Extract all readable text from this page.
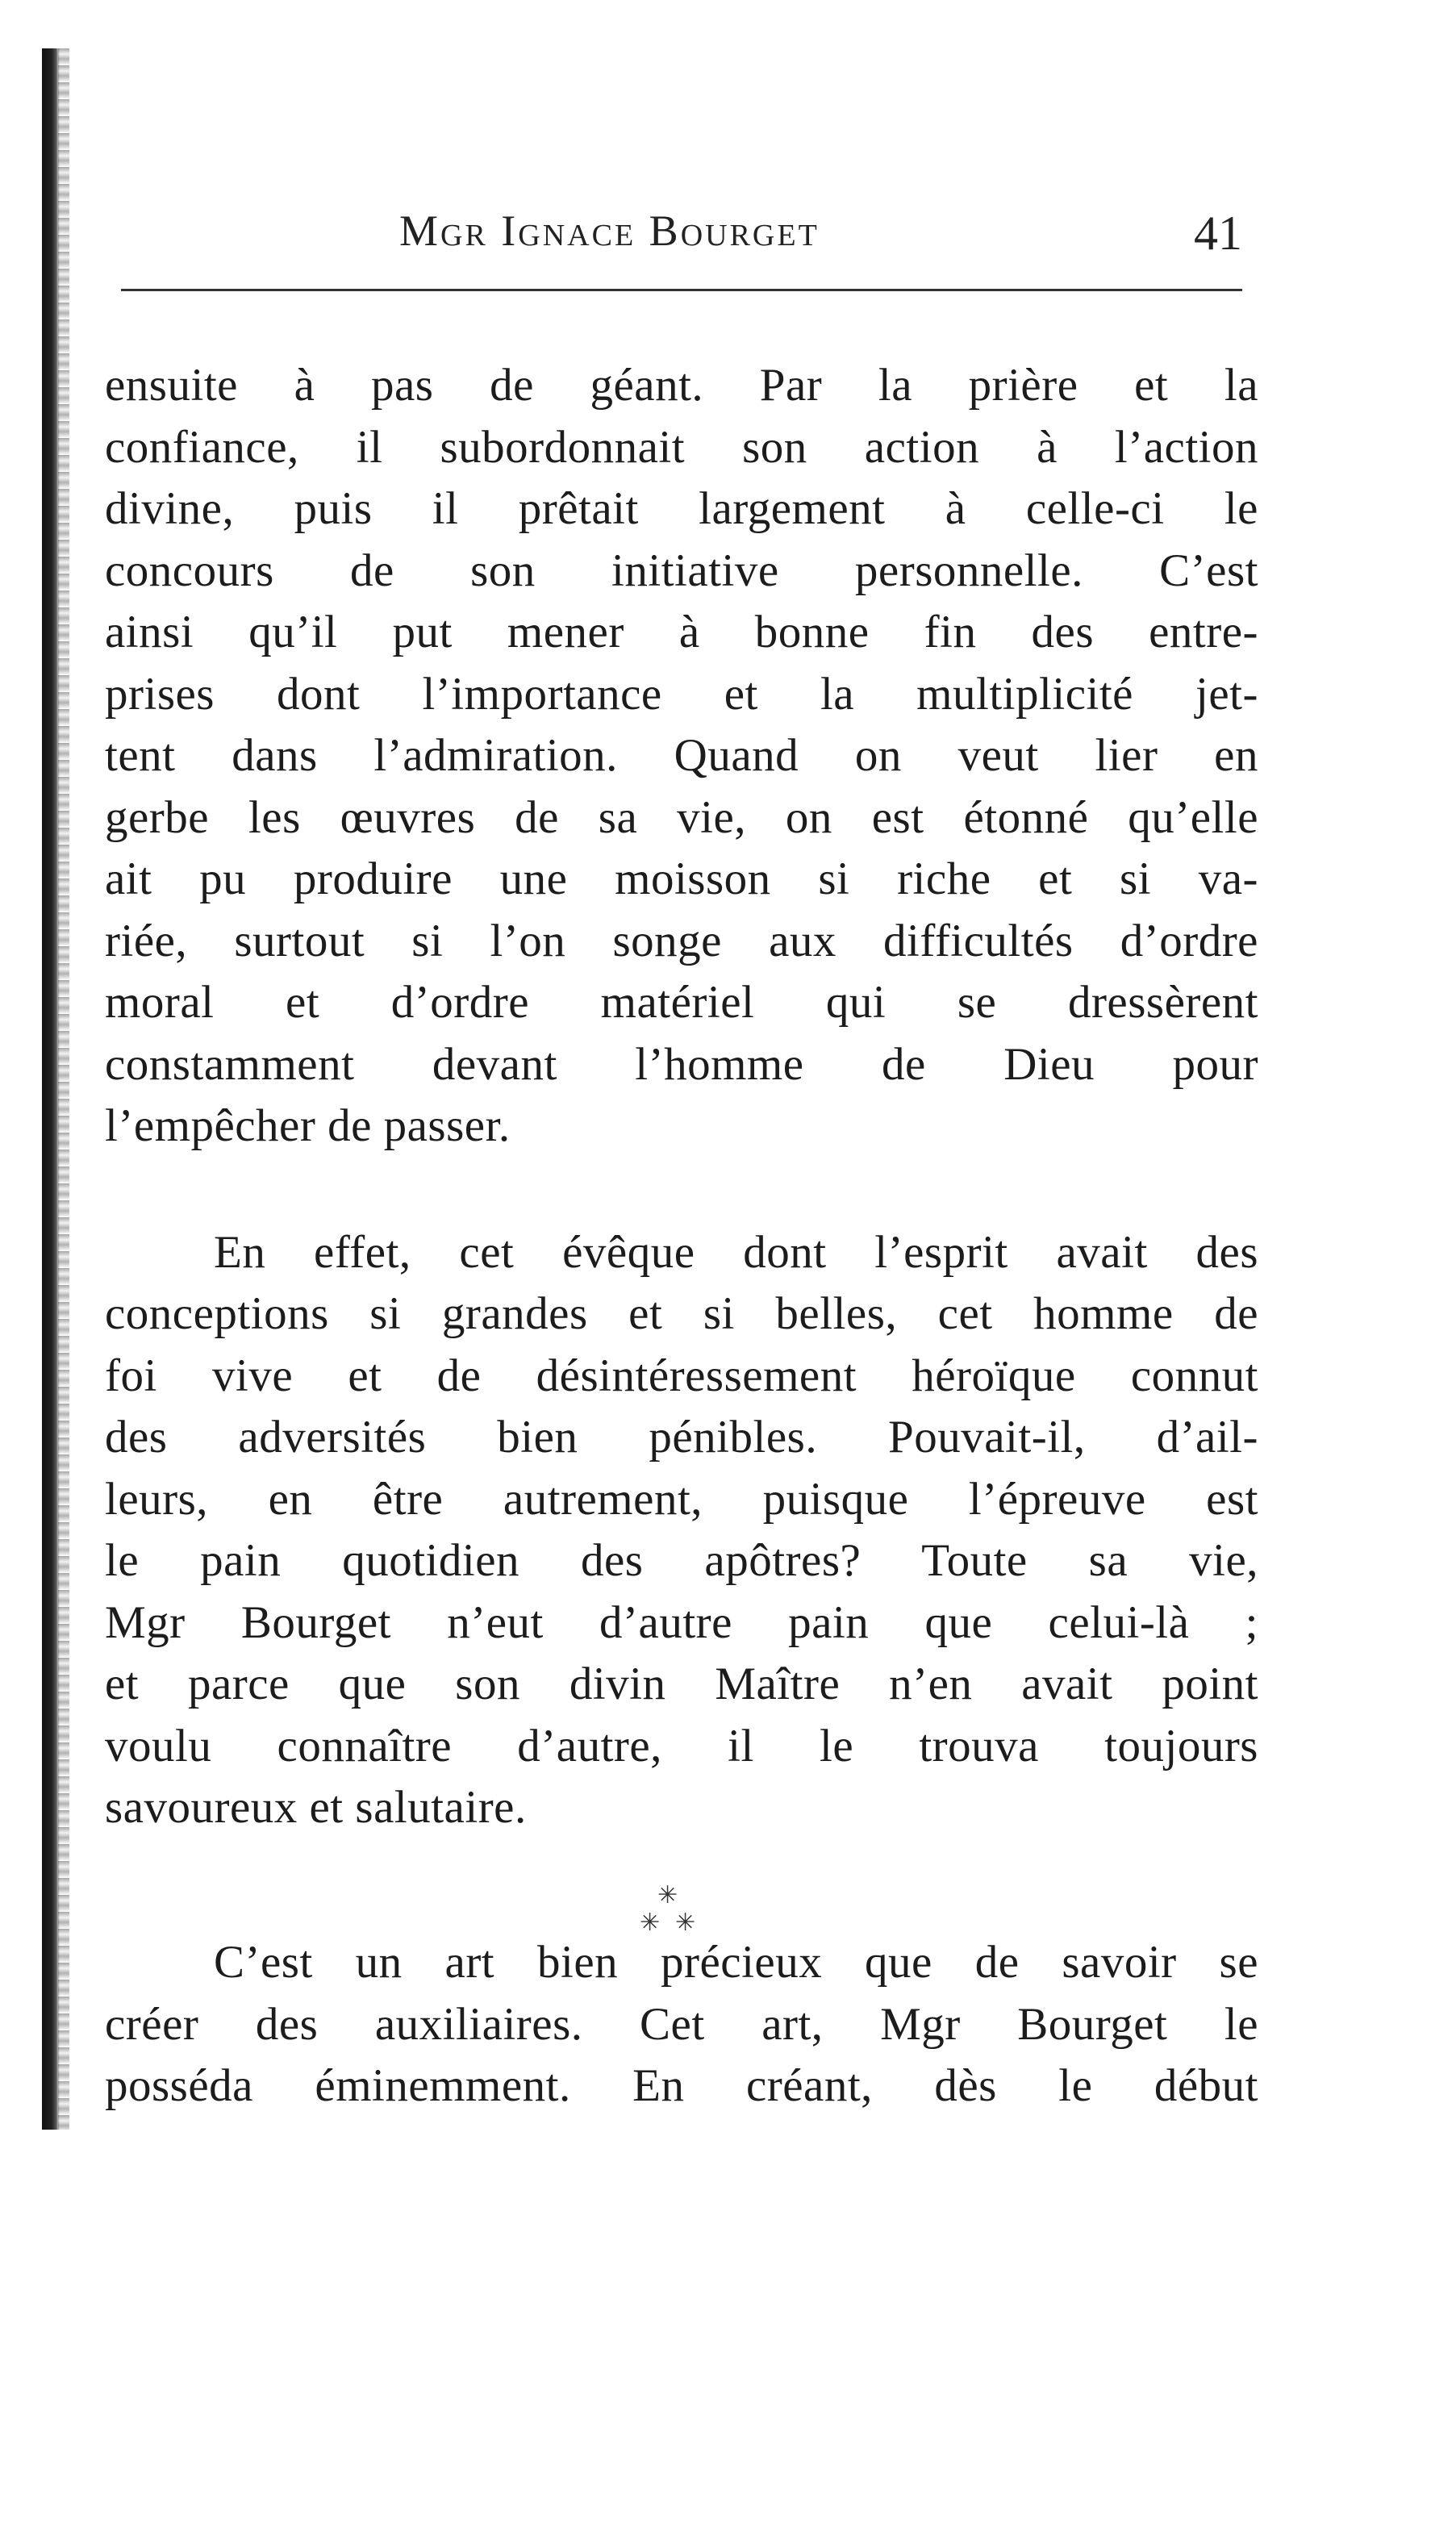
Mgr Ignace Bourget	41
ensuite à pas de géant. Par la prière et la
confiance, il subordonnait son action à l’action
divine, puis il prêtait largement à celle-ci le
concours de son initiative personnelle. C’est
ainsi qu’il put mener à bonne fin des entre-
prises dont l’importance et la multiplicité jet-
tent dans l’admiration. Quand on veut lier en
gerbe les œuvres de sa vie, on est étonné qu’elle
ait pu produire une moisson si riche et si va-
riée, surtout si l’on songe aux difficultés d’ordre
moral et d’ordre matériel qui se dressèrent
constamment devant l’homme de Dieu pour
l’empêcher de passer.
En effet, cet évêque dont l’esprit avait des
conceptions si grandes et si belles, cet homme de
foi vive et de désintéressement héroïque connut
des adversités bien pénibles. Pouvait-il, d’ail-
leurs, en être autrement, puisque l’épreuve est
le pain quotidien des apôtres? Toute sa vie,
Mgr Bourget n’eut d’autre pain que celui-là ;
et parce que son divin Maître n’en avait point
voulu connaître d’autre, il le trouva toujours
savoureux et salutaire.
✳
✳ ✳
C’est un art bien précieux que de savoir se
créer des auxiliaires. Cet art, Mgr Bourget le
posséda éminemment. En créant, dès le début
